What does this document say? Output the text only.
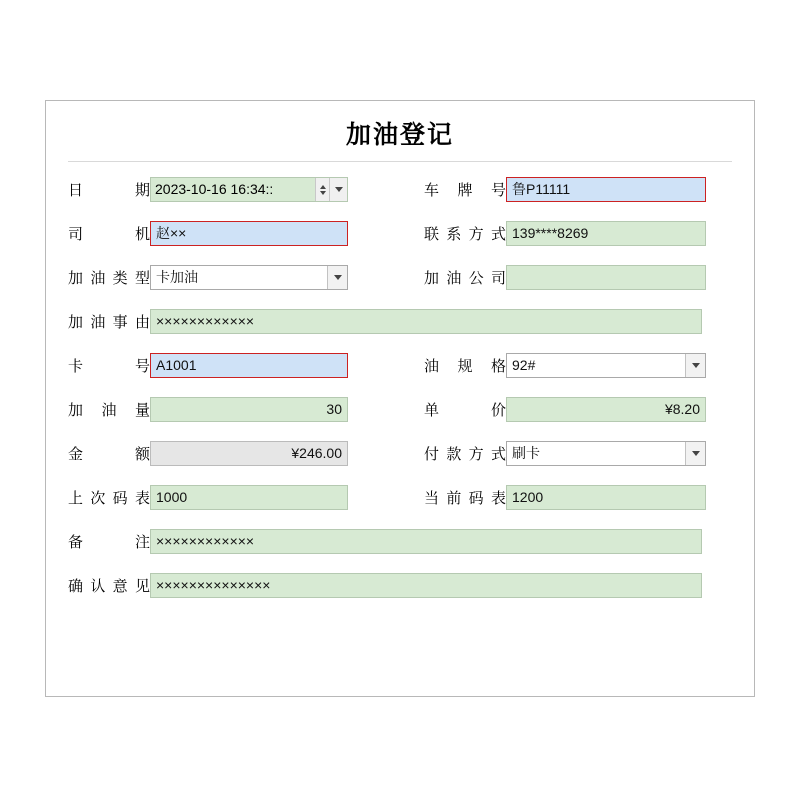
加油登记
日　　期 2023-10-16 16:34::	车 牌 号 鲁P11111
司　　机 赵××	联系方式 139****8269
加油类型 卡加油	加油公司
加油事由 ××××××××××××
卡　　号 A1001	油 规 格 92#
加 油 量	30	单　　价	¥8.20
金　　额	¥246.00	付款方式 刷卡
上次码表 1000	当前码表 1200
备　　注 ××××××××××××
确认意见 ××××××××××××××
